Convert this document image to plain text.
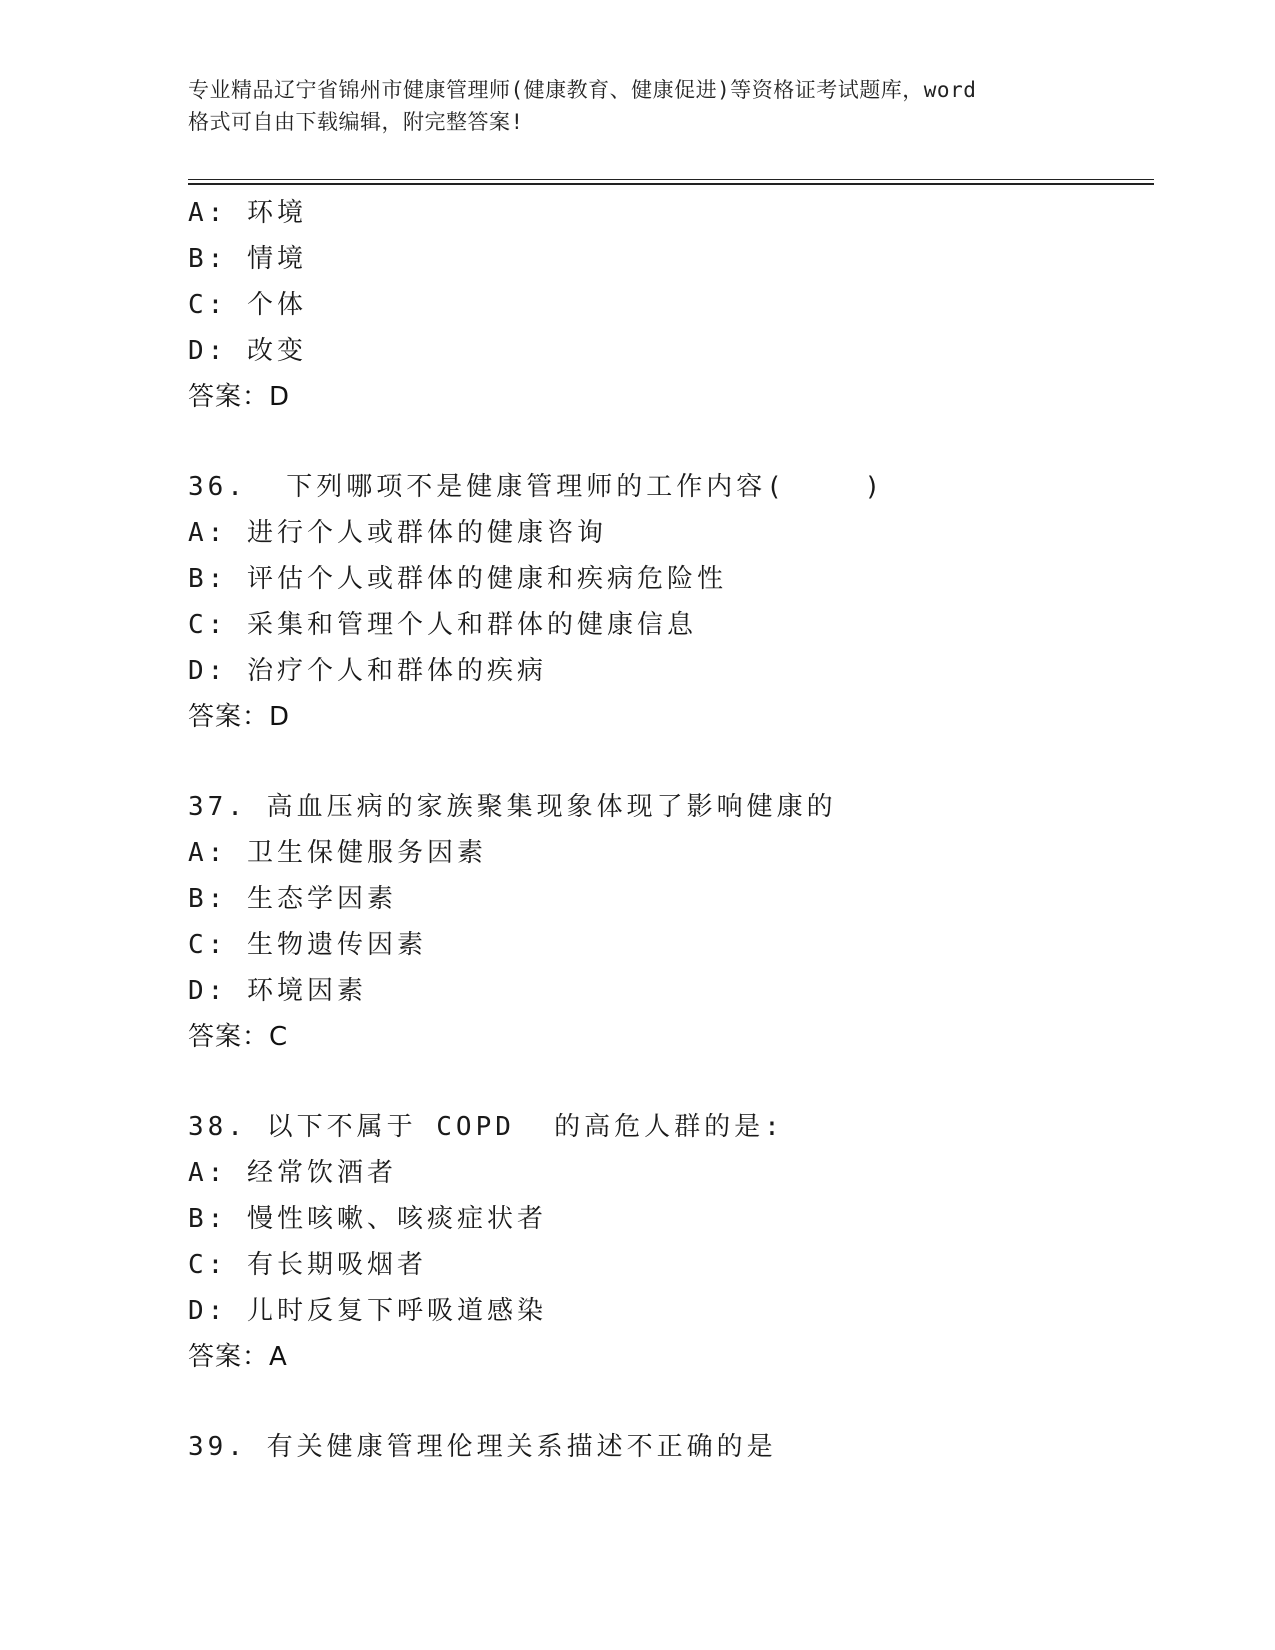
专业精品辽宁省锦州市健康管理师(健康教育、健康促进)等资格证考试题库，word
格式可自由下载编辑，附完整答案!
A: 环境
B: 情境
C: 个体
D: 改变
答案：D
36.  下列哪项不是健康管理师的工作内容(    )
A: 进行个人或群体的健康咨询
B: 评估个人或群体的健康和疾病危险性
C: 采集和管理个人和群体的健康信息
D: 治疗个人和群体的疾病
答案：D
37. 高血压病的家族聚集现象体现了影响健康的
A: 卫生保健服务因素
B: 生态学因素
C: 生物遗传因素
D: 环境因素
答案：C
38. 以下不属于 COPD  的高危人群的是:
A: 经常饮酒者
B: 慢性咳嗽、咳痰症状者
C: 有长期吸烟者
D: 儿时反复下呼吸道感染
答案：A
39. 有关健康管理伦理关系描述不正确的是
